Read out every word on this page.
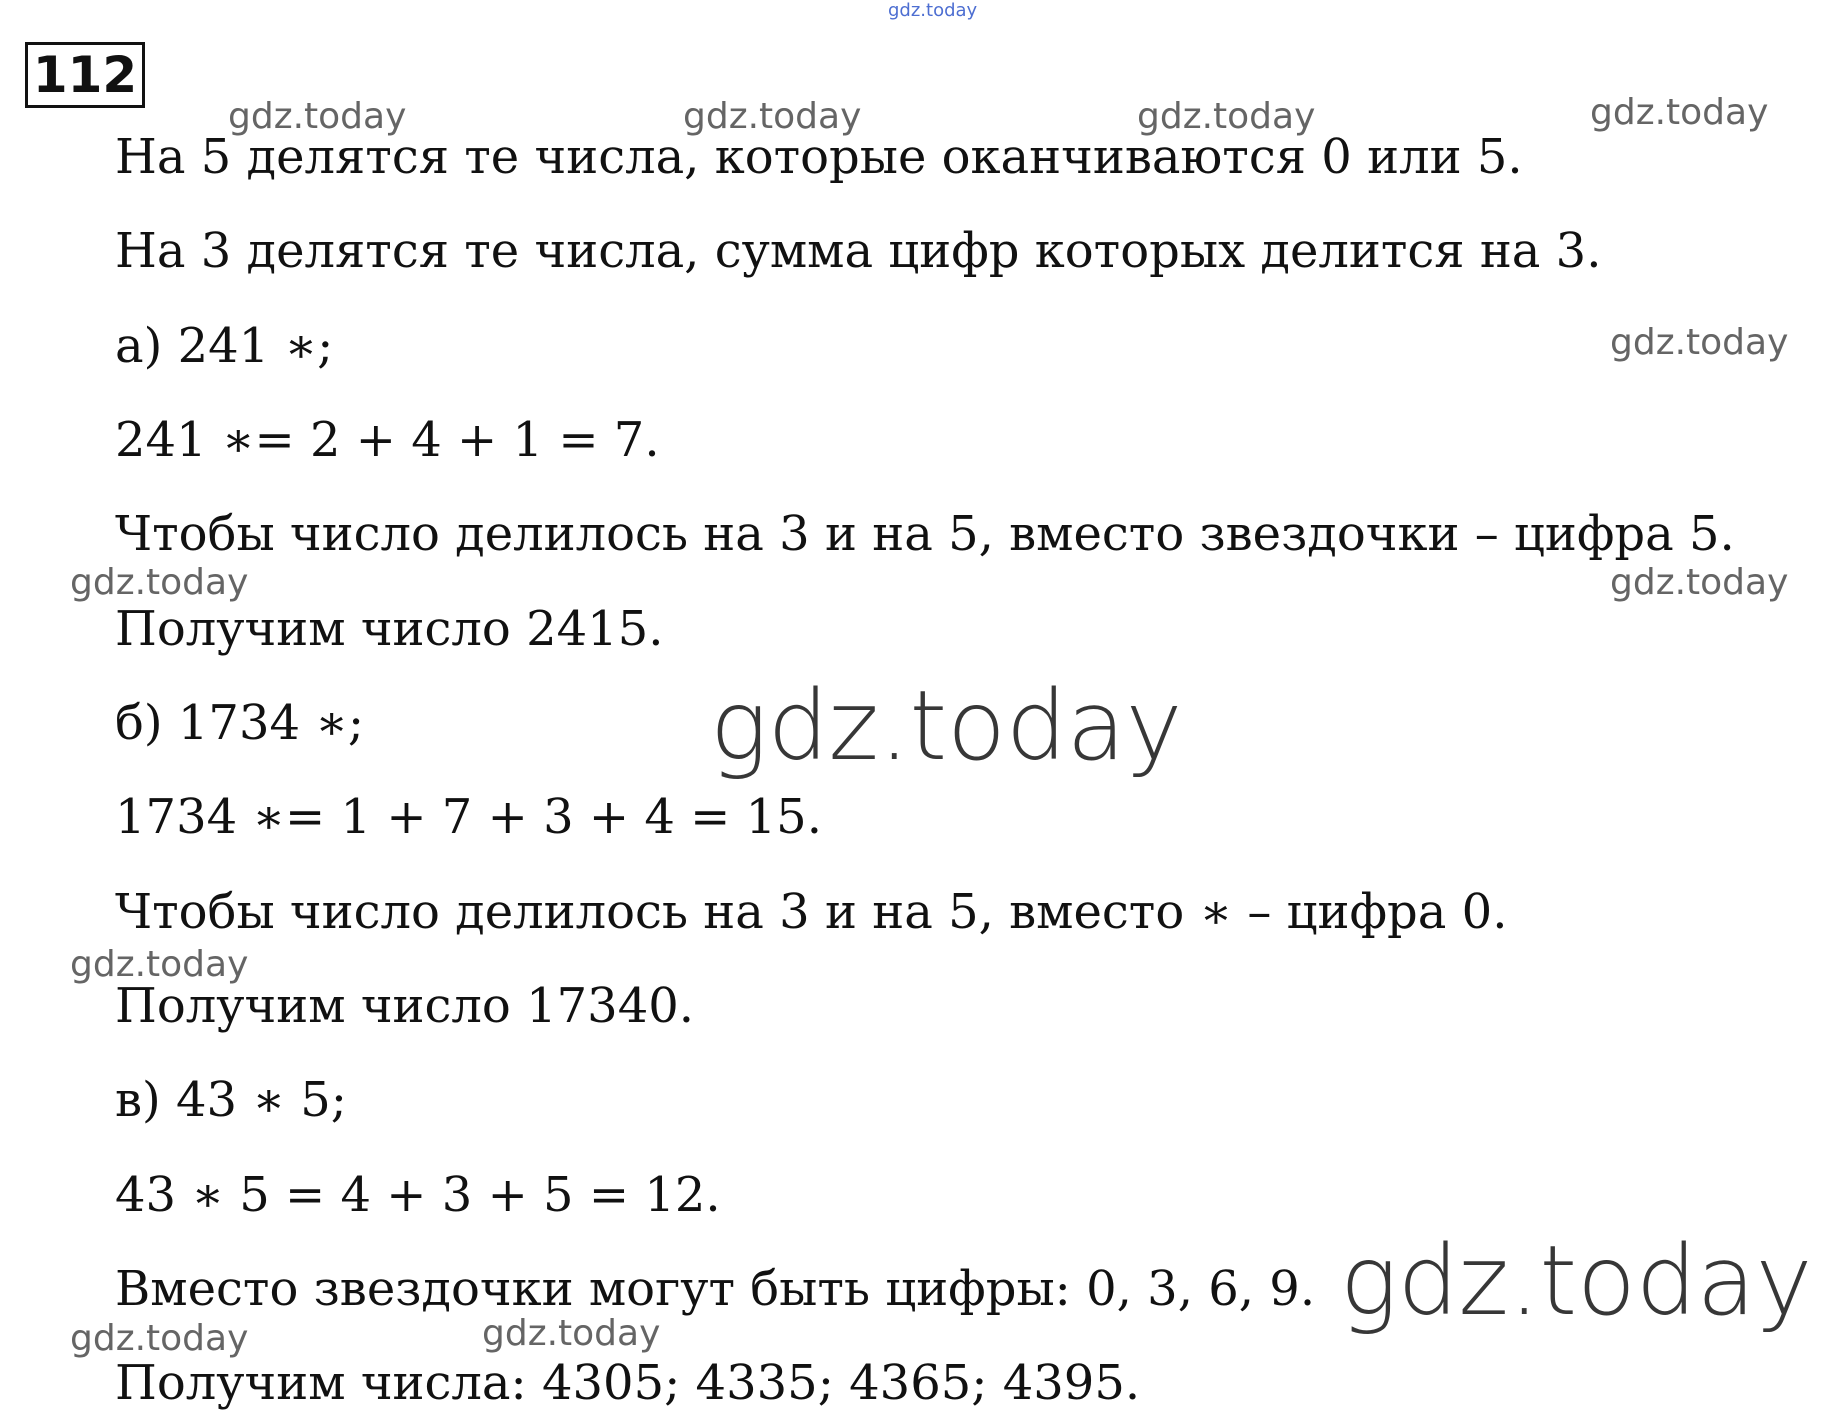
112
На 5 делятся те числа, которые оканчиваются 0 или 5.
На 3 делятся те числа, сумма цифр которых делится на 3.
а) 241 ∗;
241 ∗= 2 + 4 + 1 = 7.
Чтобы число делилось на 3 и на 5, вместо звездочки – цифра 5.
Получим число 2415.
б) 1734 ∗;
1734 ∗= 1 + 7 + 3 + 4 = 15.
Чтобы число делилось на 3 и на 5, вместо ∗ – цифра 0.
Получим число 17340.
в) 43 ∗ 5;
43 ∗ 5 = 4 + 3 + 5 = 12.
Вместо звездочки могут быть цифры: 0, 3, 6, 9.
Получим числа: 4305; 4335; 4365; 4395.
gdz.today
gdz.today	gdz.today	gdz.today	gdz.today
gdz.today
gdz.today	gdz.today
gdz.today
gdz.today
gdz.today
gdz.today	gdz.today
